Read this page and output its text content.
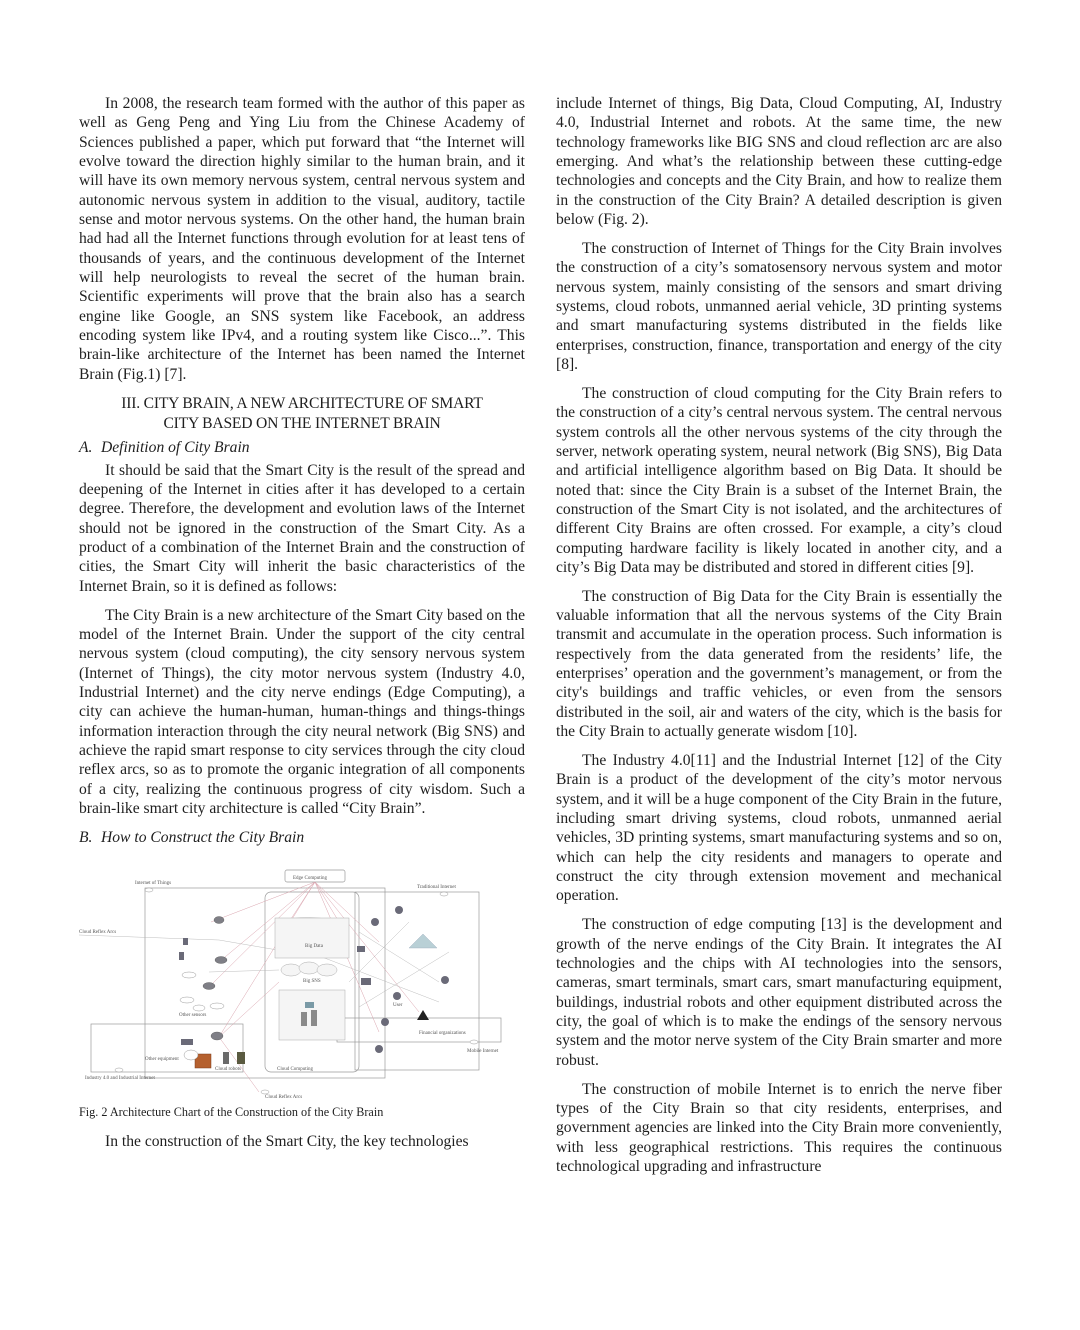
In 2008, the research team formed with the author of this paper as well as Geng Peng and Ying Liu from the Chinese Academy of Sciences published a paper, which put forward that “the Internet will evolve toward the direction highly similar to the human brain, and it will have its own memory nervous system, central nervous system and autonomic nervous system in addition to the visual, auditory, tactile sense and motor nervous systems. On the other hand, the human brain had had all the Internet functions through evolution for at least tens of thousands of years, and the continuous development of the Internet will help neurologists to reveal the secret of the human brain. Scientific experiments will prove that the brain also has a search engine like Google, an SNS system like Facebook, an address encoding system like IPv4, and a routing system like Cisco...”. This brain-like architecture of the Internet has been named the Internet Brain (Fig.1) [7].

III. CITY BRAIN, A NEW ARCHITECTURE OF SMART
CITY BASED ON THE INTERNET BRAIN
A. Definition of City Brain

It should be said that the Smart City is the result of the spread and deepening of the Internet in cities after it has developed to a certain degree. Therefore, the development and evolution laws of the Internet should not be ignored in the construction of the Smart City. As a product of a combination of the Internet Brain and the construction of cities, the Smart City will inherit the basic characteristics of the Internet Brain, so it is defined as follows:

The City Brain is a new architecture of the Smart City based on the model of the Internet Brain. Under the support of the city central nervous system (cloud computing), the city sensory nervous system (Internet of Things), the city motor nervous system (Industry 4.0, Industrial Internet) and the city nerve endings (Edge Computing), a city can achieve the human-human, human-things and things-things information interaction through the city neural network (Big SNS) and achieve the rapid smart response to city services through the city cloud reflex arcs, so as to promote the organic integration of all components of a city, realizing the continuous progress of city wisdom. Such a brain-like smart city architecture is called “City Brain”.

B. How to Construct the City Brain
Edge Computing
Internet of Things
Traditional Internet
Cloud Reflex Arcs
Cloud Computing
Mobile Internet
Industry 4.0 and Industrial Internet
Cloud Reflex Arcs
Big Data
Big SNS
User
Financial organizations
Other sensors
Other equipment
Cloud robots

Fig. 2 Architecture Chart of the Construction of the City Brain

In the construction of the Smart City, the key technologies

include Internet of things, Big Data, Cloud Computing, AI, Industry 4.0, Industrial Internet and robots. At the same time, the new technology frameworks like BIG SNS and cloud reflection arc are also emerging. And what’s the relationship between these cutting-edge technologies and concepts and the City Brain, and how to realize them in the construction of the City Brain? A detailed description is given below (Fig. 2).

The construction of Internet of Things for the City Brain involves the construction of a city’s somatosensory nervous system and motor nervous system, mainly consisting of the sensors and smart driving systems, cloud robots, unmanned aerial vehicle, 3D printing systems and smart manufacturing systems distributed in the fields like enterprises, construction, finance, transportation and energy of the city [8].

The construction of cloud computing for the City Brain refers to the construction of a city’s central nervous system. The central nervous system controls all the other nervous systems of the city through the server, network operating system, neural network (Big SNS), Big Data and artificial intelligence algorithm based on Big Data. It should be noted that: since the City Brain is a subset of the Internet Brain, the construction of the Smart City is not isolated, and the architectures of different City Brains are often crossed. For example, a city’s cloud computing hardware facility is likely located in another city, and a city’s Big Data may be distributed and stored in different cities [9].

The construction of Big Data for the City Brain is essentially the valuable information that all the nervous systems of the City Brain transmit and accumulate in the operation process. Such information is respectively from the data generated from the residents’ life, the enterprises’ operation and the government’s management, or from the city's buildings and traffic vehicles, or even from the sensors distributed in the soil, air and waters of the city, which is the basis for the City Brain to actually generate wisdom [10].

The Industry 4.0[11] and the Industrial Internet [12] of the City Brain is a product of the development of the city’s motor nervous system, and it will be a huge component of the City Brain in the future, including smart driving systems, cloud robots, unmanned aerial vehicles, 3D printing systems, smart manufacturing systems and so on, which can help the city residents and managers to operate and construct the city through extension movement and mechanical operation.

The construction of edge computing [13] is the development and growth of the nerve endings of the City Brain. It integrates the AI technologies and the chips with AI technologies into the sensors, cameras, smart terminals, smart cars, smart manufacturing equipment, buildings, industrial robots and other equipment distributed across the city, the goal of which is to make the endings of the sensory nervous system and the motor nerve system of the City Brain smarter and more robust.

The construction of mobile Internet is to enrich the nerve fiber types of the City Brain so that city residents, enterprises, and government agencies are linked into the City Brain more conveniently, with less geographical restrictions. This requires the continuous technological upgrading and infrastructure
